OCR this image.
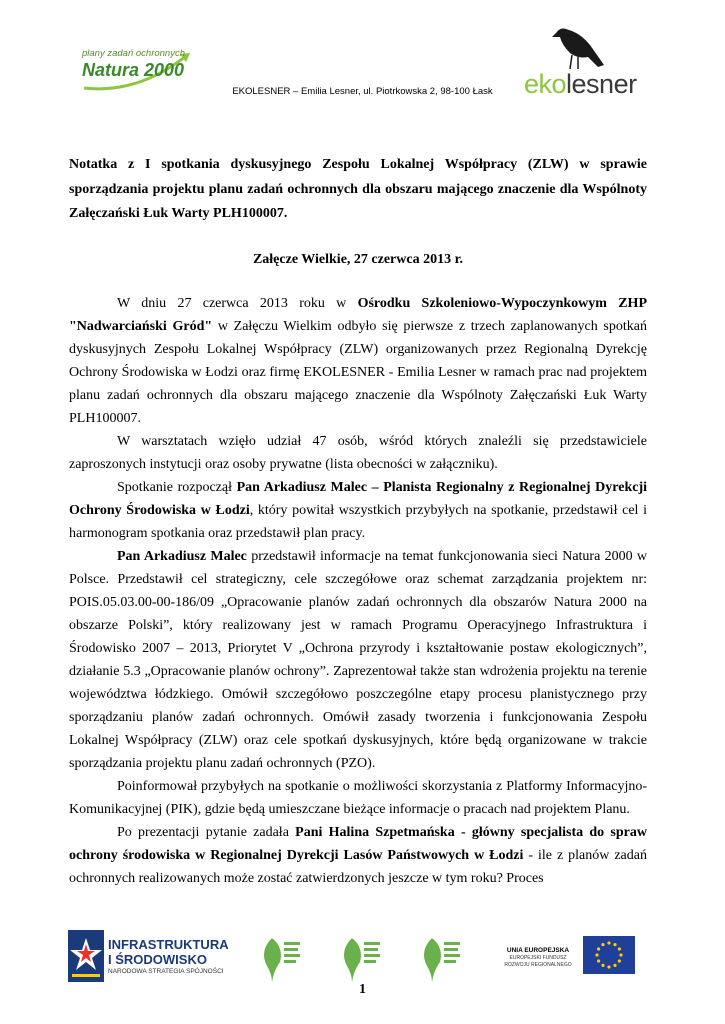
plany zadań ochronnych
Natura 2000
EKOLESNER – Emilia Lesner, ul. Piotrkowska 2, 98-100 Łask	ekolesner

Notatka z I spotkania dyskusyjnego Zespołu Lokalnej Współpracy (ZLW) w sprawie sporządzania projektu planu zadań ochronnych dla obszaru mającego znaczenie dla Wspólnoty Załęczański Łuk Warty PLH100007.

Załęcze Wielkie, 27 czerwca 2013 r.

W dniu 27 czerwca 2013 roku w Ośrodku Szkoleniowo-Wypoczynkowym ZHP "Nadwarciański Gród" w Załęczu Wielkim odbyło się pierwsze z trzech zaplanowanych spotkań dyskusyjnych Zespołu Lokalnej Współpracy (ZLW) organizowanych przez Regionalną Dyrekcję Ochrony Środowiska w Łodzi oraz firmę EKOLESNER - Emilia Lesner w ramach prac nad projektem planu zadań ochronnych dla obszaru mającego znaczenie dla Wspólnoty Załęczański Łuk Warty PLH100007.

W warsztatach wzięło udział 47 osób, wśród których znaleźli się przedstawiciele zaproszonych instytucji oraz osoby prywatne (lista obecności w załączniku).

Spotkanie rozpoczął Pan Arkadiusz Malec – Planista Regionalny z Regionalnej Dyrekcji Ochrony Środowiska w Łodzi, który powitał wszystkich przybyłych na spotkanie, przedstawił cel i harmonogram spotkania oraz przedstawił plan pracy.

Pan Arkadiusz Malec przedstawił informacje na temat funkcjonowania sieci Natura 2000 w Polsce. Przedstawił cel strategiczny, cele szczegółowe oraz schemat zarządzania projektem nr: POIS.05.03.00-00-186/09 „Opracowanie planów zadań ochronnych dla obszarów Natura 2000 na obszarze Polski”, który realizowany jest w ramach Programu Operacyjnego Infrastruktura i Środowisko 2007 – 2013, Priorytet V „Ochrona przyrody i kształtowanie postaw ekologicznych”, działanie 5.3 „Opracowanie planów ochrony”. Zaprezentował także stan wdrożenia projektu na terenie województwa łódzkiego. Omówił szczegółowo poszczególne etapy procesu planistycznego przy sporządzaniu planów zadań ochronnych. Omówił zasady tworzenia i funkcjonowania Zespołu Lokalnej Współpracy (ZLW) oraz cele spotkań dyskusyjnych, które będą organizowane w trakcie sporządzania projektu planu zadań ochronnych (PZO).

Poinformował przybyłych na spotkanie o możliwości skorzystania z Platformy Informacyjno-Komunikacyjnej (PIK), gdzie będą umieszczane bieżące informacje o pracach nad projektem Planu.

Po prezentacji pytanie zadała Pani Halina Szpetmańska - główny specjalista do spraw ochrony środowiska w Regionalnej Dyrekcji Lasów Państwowych w Łodzi - ile z planów zadań ochronnych realizowanych może zostać zatwierdzonych jeszcze w tym roku? Proces

INFRASTRUKTURA
I ŚRODOWISKO
NARODOWA STRATEGIA SPÓJNOŚCI
UNIA EUROPEJSKA
EUROPEJSKI FUNDUSZ
ROZWOJU REGIONALNEGO
1
